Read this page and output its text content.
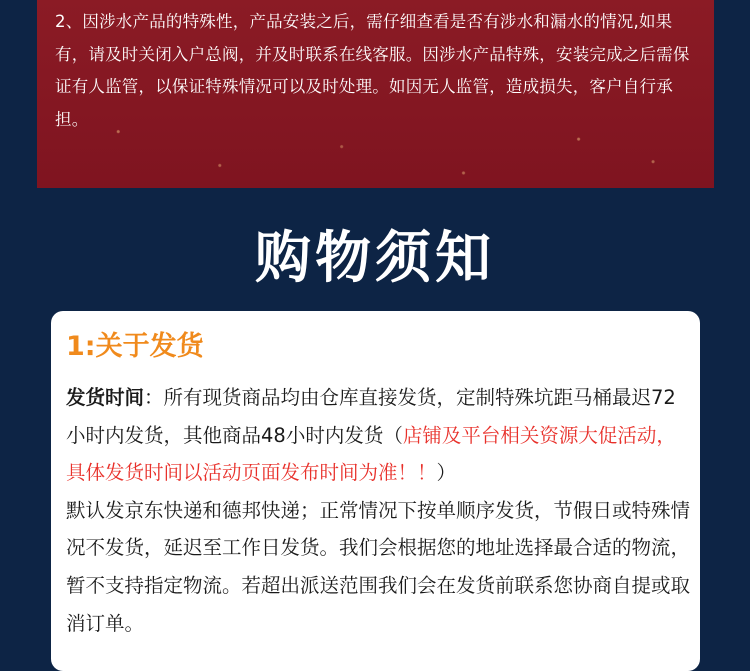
2、因涉水产品的特殊性，产品安装之后，需仔细查看是否有涉水和漏水的情况,如果有，请及时关闭入户总阀，并及时联系在线客服。因涉水产品特殊，安装完成之后需保证有人监管，以保证特殊情况可以及时处理。如因无人监管，造成损失，客户自行承担。

购物须知
1:关于发货

发货时间：所有现货商品均由仓库直接发货，定制特殊坑距马桶最迟72小时内发货，其他商品48小时内发货（店铺及平台相关资源大促活动，具体发货时间以活动页面发布时间为准！！）

默认发京东快递和德邦快递；正常情况下按单顺序发货，节假日或特殊情况不发货，延迟至工作日发货。我们会根据您的地址选择最合适的物流，暂不支持指定物流。若超出派送范围我们会在发货前联系您协商自提或取消订单。
